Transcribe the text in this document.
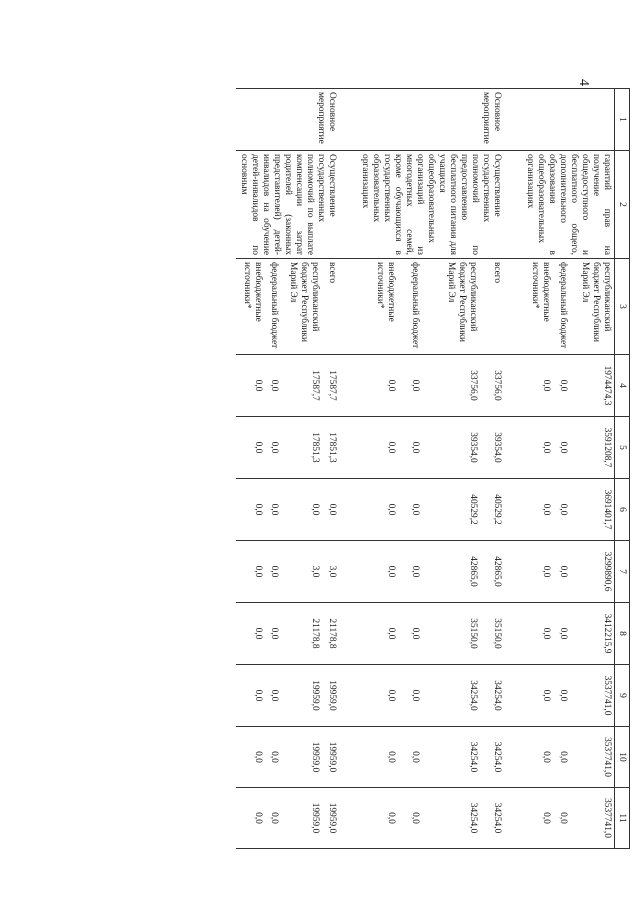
4
1	2	3	4	5	6	7	8	9	10	11
	гарантий прав на получение общедоступного и бесплатного общего, дополнительного образования в общеобразовательных организациях	республиканский бюджет Республики Марий Эл	1974474,3	3591208,7	3691401,7	3299890,6	3412215,9	3537741,0	3537741,0	3537741,0
		федеральный бюджет	0,0	0,0	0,0	0,0	0,0	0,0	0,0	0,0
		внебюджетные источники*	0,0	0,0	0,0	0,0	0,0	0,0	0,0	0,0

Основное мероприятие	Осуществление государственных полномочий по предоставлению бесплатного питания для учащихся общеобразовательных организаций из многодетных семей, кроме обучающихся в государственных образовательных организациях	всего	33756,0	39354,0	40529,2	42865,0	35150,0	34254,0	34254,0	34254,0
		республиканский бюджет Республики Марий Эл	33756,0	39354,0	40529,2	42865,0	35150,0	34254,0	34254,0	34254,0
		федеральный бюджет	0,0	0,0	0,0	0,0	0,0	0,0	0,0	0,0
		внебюджетные источники*	0,0	0,0	0,0	0,0	0,0	0,0	0,0	0,0

Основное мероприятие	Осуществление государственных полномочий по выплате компенсации затрат родителей (законных представителей) детей-инвалидов на обучение детей-инвалидов по основным	всего	17587,7	17851,3	0,0	3,0	21178,8	19959,0	19959,0	19959,0
		республиканский бюджет Республики Марий Эл	17587,7	17851,3	0,0	3,0	21178,8	19959,0	19959,0	19959,0
		федеральный бюджет	0,0	0,0	0,0	0,0	0,0	0,0	0,0	0,0
		внебюджетные источники*	0,0	0,0	0,0	0,0	0,0	0,0	0,0	0,0
